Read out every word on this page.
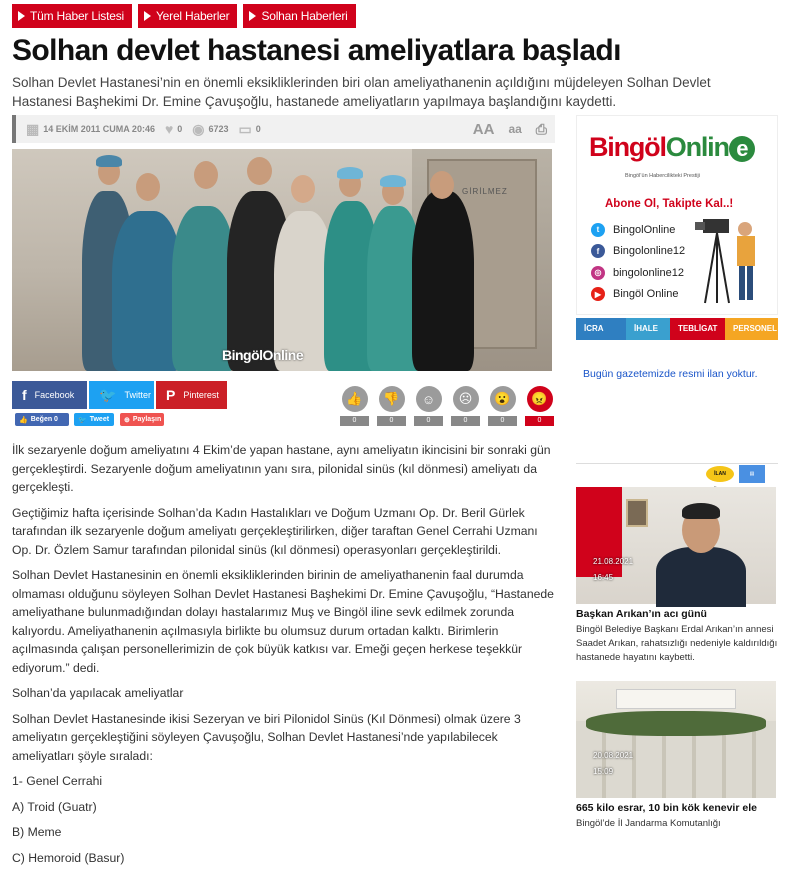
Tüm Haber Listesi	Yerel Haberler	Solhan Haberleri
Solhan devlet hastanesi ameliyatlara başladı

Solhan Devlet Hastanesi’nin en önemli eksikliklerinden biri olan ameliyathanenin açıldığını müjdeleyen Solhan Devlet Hastanesi Başhekimi Dr. Emine Çavuşoğlu, hastanede ameliyatların yapılmaya başlandığını kaydetti.

▦ 14 EKİM 2011 CUMA 20:46 ♥ 0 ◉ 6723 ▭ 0	AA aa ⎙
GİRİLMEZ
BingölOnline
f Facebook 🐦 Twitter P Pinterest
👍 Beğen 0	🐦 Tweet ⊕ Paylaşın
👍
0
👎
0
☺
0
☹
0
😮
0
😠
0

İlk sezaryenle doğum ameliyatını 4 Ekim’de yapan hastane, aynı ameliyatın ikincisini bir sonraki gün gerçekleştirdi. Sezaryenle doğum ameliyatının yanı sıra, pilonidal sinüs (kıl dönmesi) ameliyatı da gerçekleşti.

Geçtiğimiz hafta içerisinde Solhan’da Kadın Hastalıkları ve Doğum Uzmanı Op. Dr. Beril Gürlek tarafından ilk sezaryenle doğum ameliyatı gerçekleştirilirken, diğer taraftan Genel Cerrahi Uzmanı Op. Dr. Özlem Samur tarafından pilonidal sinüs (kıl dönmesi) operasyonları gerçekleştirildi.

Solhan Devlet Hastanesinin en önemli eksikliklerinden birinin de ameliyathanenin faal durumda olmaması olduğunu söyleyen Solhan Devlet Hastanesi Başhekimi Dr. Emine Çavuşoğlu, “Hastanede ameliyathane bulunmadığından dolayı hastalarımız Muş ve Bingöl iline sevk edilmek zorunda kalıyordu. Ameliyathanenin açılmasıyla birlikte bu olumsuz durum ortadan kalktı. Birimlerin açılmasında çalışan personellerimizin de çok büyük katkısı var. Emeği geçen herkese teşekkür ediyorum.” dedi.

Solhan’da yapılacak ameliyatlar

Solhan Devlet Hastanesinde ikisi Sezeryan ve biri Pilonidol Sinüs (Kıl Dönmesi) olmak üzere 3 ameliyatın gerçekleştiğini söyleyen Çavuşoğlu, Solhan Devlet Hastanesi’nde yapılabilecek ameliyatları şöyle sıraladı:

1- Genel Cerrahi

A) Troid (Guatr)

B) Meme

C) Hemoroid (Basur)

BingölOnlin e
Bingöl’ün Habercilikteki Prestiji
Abone Ol, Takipte Kal..!
t	BingolOnline
f	Bingolonline12
◎	bingolonline12
▶	Bingöl Online
İCRA	İHALE	TEBLİGAT	PERSONEL A
Bugün gazetemizde resmi ilan yoktur.
İLAN	▤
21.08.2021
16:45
Başkan Arıkan’ın acı günü
Bingöl Belediye Başkanı Erdal Arıkan’ın annesi Saadet Arıkan, rahatsızlığı nedeniyle kaldırıldığı hastanede hayatını kaybetti.
20.08.2021
15:09
665 kilo esrar, 10 bin kök kenevir ele
Bingöl’de İl Jandarma Komutanlığı
